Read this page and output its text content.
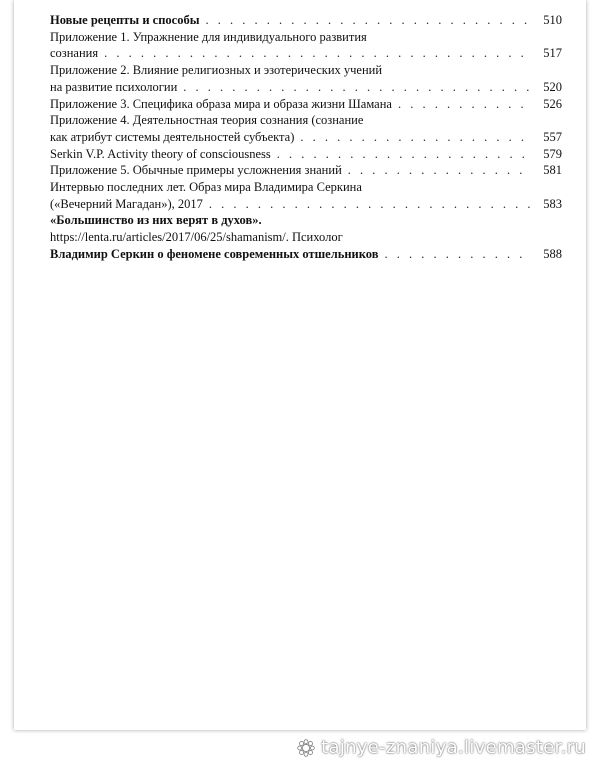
Новые рецепты и способы . . .	510
Приложение 1. Упражнение для индивидуального развития
сознания . . .	517
Приложение 2. Влияние религиозных и эзотерических учений
на развитие психологии . . .	520
Приложение 3. Специфика образа мира и образа жизни Шамана . . .	526
Приложение 4. Деятельностная теория сознания (сознание
как атрибут системы деятельностей субъекта) . . .	557
Serkin V.P. Activity theory of consciousness . . .	579
Приложение 5. Обычные примеры усложнения знаний . . .	581
Интервью последних лет. Образ мира Владимира Серкина
(«Вечерний Магадан»), 2017 . . .	583
«Большинство из них верят в духов».
https://lenta.ru/articles/2017/06/25/shamanism/. Психолог
Владимир Серкин о феномене современных отшельников . . .	588
tajnye-znaniya.livemaster.ru
